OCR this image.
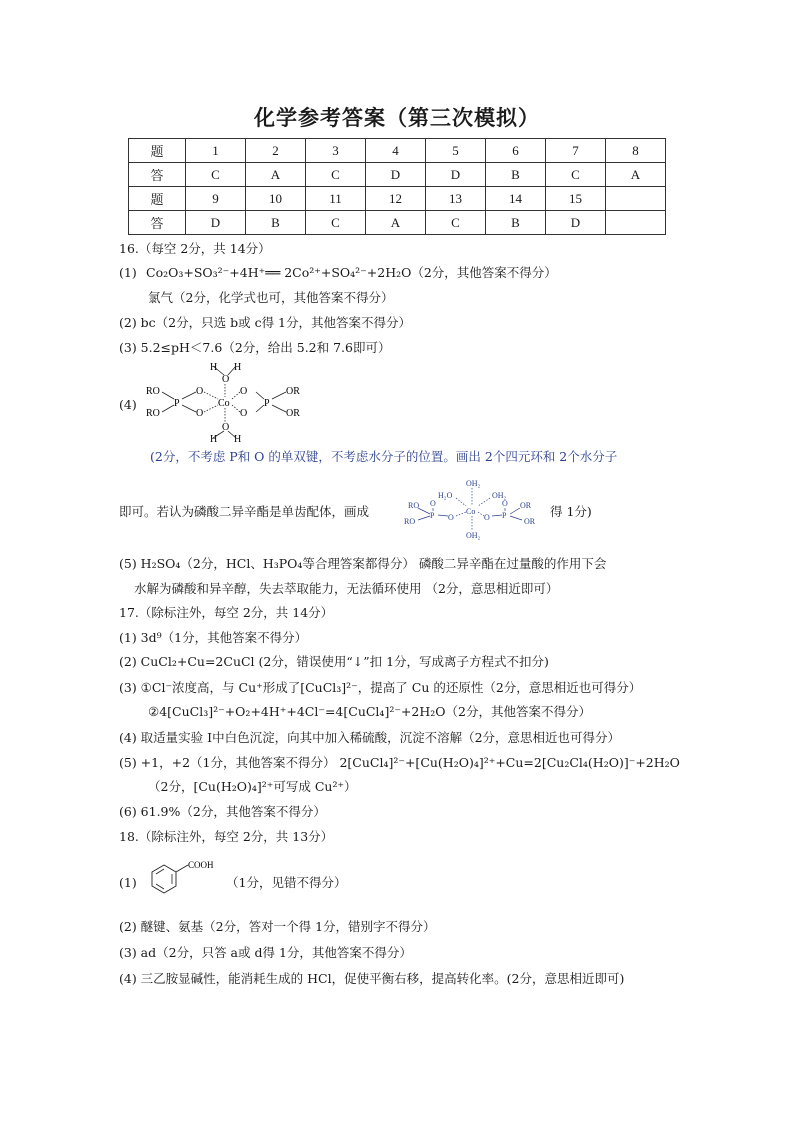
化学参考答案（第三次模拟）
题	1	2	3	4	5	6	7	8
答	C	A	C	D	D	B	C	A
题	9	10	11	12	13	14	15	
答	D	B	C	A	C	B	D	
16.（每空 2分，共 14分）
(1) Co₂O₃+SO₃²⁻+4H⁺══ 2Co²⁺+SO₄²⁻+2H₂O（2分，其他答案不得分）
氯气（2分，化学式也可，其他答案不得分）
(2) bc（2分，只选 b或 c得 1分，其他答案不得分）
(3) 5.2≤pH＜7.6（2分，给出 5.2和 7.6即可）
(4)
RO
RO
P
O
O
Co
O
O
P
OR
OR
O
O
H H
H H
(2分，不考虑 P和 O 的单双键，不考虑水分子的位置。画出 2个四元环和 2个水分子
即可。若认为磷酸二异辛酯是单齿配体，画成	RO
RO
P
O
O
Co
O P
O OR
OR
H₂O
OH₂
OH₂
OH₂
得 1分)
(5) H₂SO₄（2分，HCl、H₃PO₄等合理答案都得分） 磷酸二异辛酯在过量酸的作用下会
水解为磷酸和异辛醇，失去萃取能力，无法循环使用 （2分，意思相近即可）
17.（除标注外，每空 2分，共 14分）
(1) 3d⁹（1分，其他答案不得分）
(2) CuCl₂+Cu=2CuCl (2分，错误使用“↓”扣 1分，写成离子方程式不扣分)
(3) ①Cl⁻浓度高，与 Cu⁺形成了[CuCl₃]²⁻，提高了 Cu 的还原性（2分，意思相近也可得分）
②4[CuCl₃]²⁻+O₂+4H⁺+4Cl⁻=4[CuCl₄]²⁻+2H₂O（2分，其他答案不得分）
(4) 取适量实验 I中白色沉淀，向其中加入稀硫酸，沉淀不溶解（2分，意思相近也可得分）
(5) +1，+2（1分，其他答案不得分） 2[CuCl₄]²⁻+[Cu(H₂O)₄]²⁺+Cu=2[Cu₂Cl₄(H₂O)]⁻+2H₂O
（2分，[Cu(H₂O)₄]²⁺可写成 Cu²⁺）
(6) 61.9%（2分，其他答案不得分）
18.（除标注外，每空 2分，共 13分）
(1)
COOH
（1分，见错不得分）
(2) 醚键、氨基（2分，答对一个得 1分，错别字不得分）
(3) ad（2分，只答 a或 d得 1分，其他答案不得分）
(4) 三乙胺显碱性，能消耗生成的 HCl，促使平衡右移，提高转化率。(2分，意思相近即可)
